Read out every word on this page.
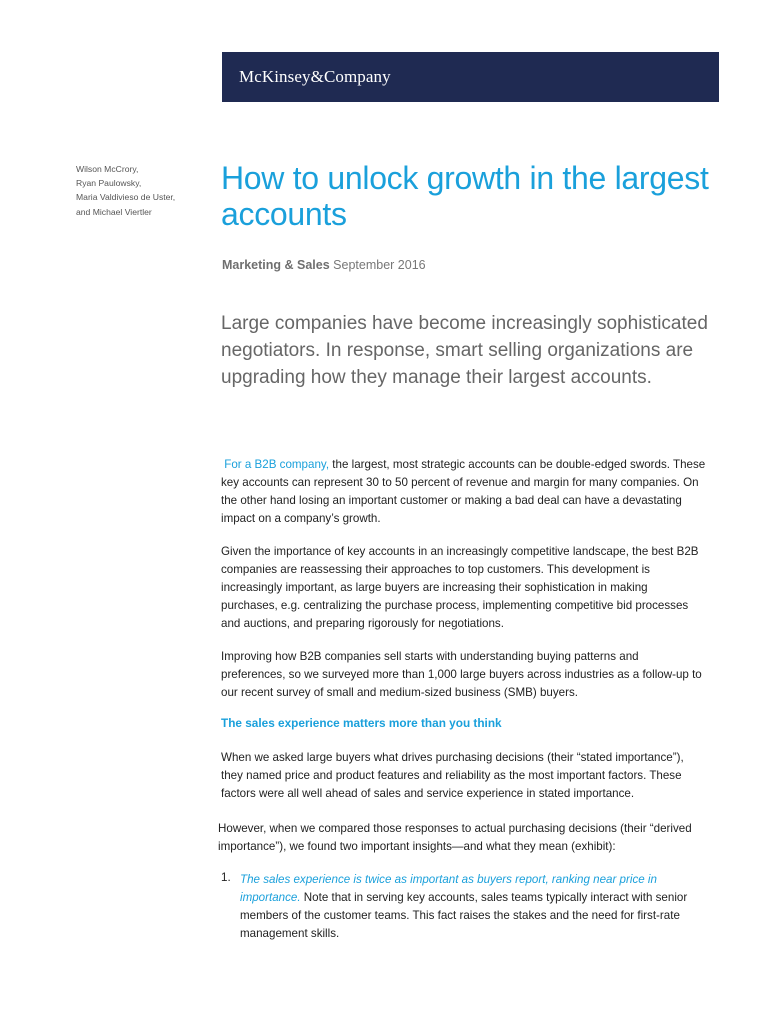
McKinsey&Company
Wilson McCrory,
Ryan Paulowsky,
Maria Valdivieso de Uster,
and Michael Viertler
How to unlock growth in the largest accounts
Marketing & Sales September 2016

Large companies have become increasingly sophisticated negotiators. In response, smart selling organizations are upgrading how they manage their largest accounts.

For a B2B company, the largest, most strategic accounts can be double-edged swords. These key accounts can represent 30 to 50 percent of revenue and margin for many companies. On the other hand losing an important customer or making a bad deal can have a devastating impact on a company’s growth.

Given the importance of key accounts in an increasingly competitive landscape, the best B2B companies are reassessing their approaches to top customers. This development is increasingly important, as large buyers are increasing their sophistication in making purchases, e.g. centralizing the purchase process, implementing competitive bid processes and auctions, and preparing rigorously for negotiations.

Improving how B2B companies sell starts with understanding buying patterns and preferences, so we surveyed more than 1,000 large buyers across industries as a follow-up to our recent survey of small and medium-sized business (SMB) buyers.

The sales experience matters more than you think

When we asked large buyers what drives purchasing decisions (their “stated importance”), they named price and product features and reliability as the most important factors. These factors were all well ahead of sales and service experience in stated importance.

However, when we compared those responses to actual purchasing decisions (their “derived importance”), we found two important insights—and what they mean (exhibit):

1. The sales experience is twice as important as buyers report, ranking near price in importance. Note that in serving key accounts, sales teams typically interact with senior members of the customer teams. This fact raises the stakes and the need for first-rate management skills.
